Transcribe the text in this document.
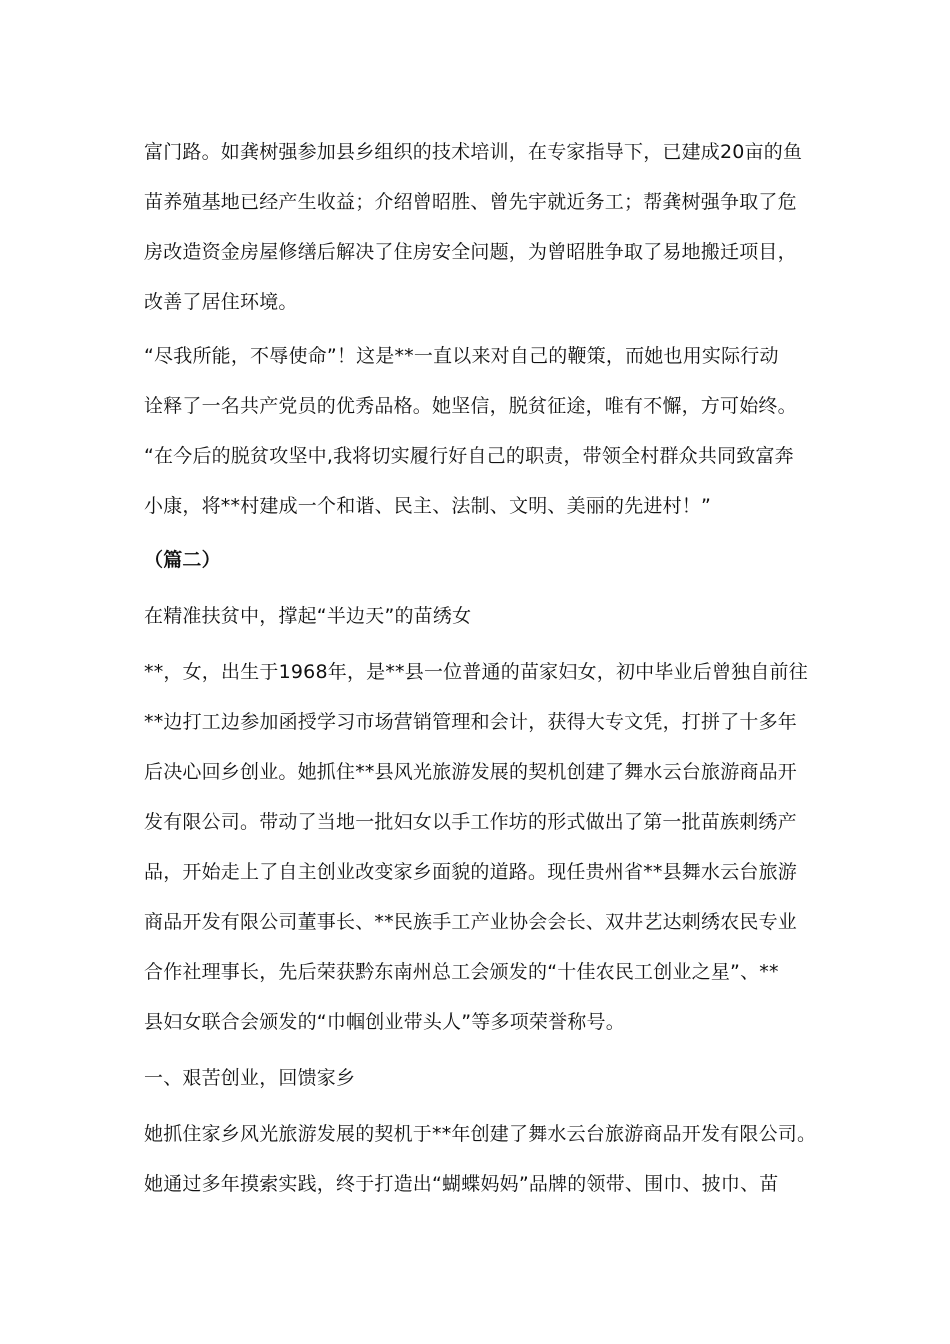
富门路。如龚树强参加县乡组织的技术培训，在专家指导下，已建成20亩的鱼
苗养殖基地已经产生收益；介绍曾昭胜、曾先宇就近务工；帮龚树强争取了危
房改造资金房屋修缮后解决了住房安全问题，为曾昭胜争取了易地搬迁项目，
改善了居住环境。
“尽我所能，不辱使命”！这是**一直以来对自己的鞭策，而她也用实际行动
诠释了一名共产党员的优秀品格。她坚信，脱贫征途，唯有不懈，方可始终。
“在今后的脱贫攻坚中,我将切实履行好自己的职责，带领全村群众共同致富奔
小康，将**村建成一个和谐、民主、法制、文明、美丽的先进村！”
（篇二）
在精准扶贫中，撑起“半边天”的苗绣女
**，女，出生于1968年，是**县一位普通的苗家妇女，初中毕业后曾独自前往
**边打工边参加函授学习市场营销管理和会计，获得大专文凭，打拼了十多年
后决心回乡创业。她抓住**县风光旅游发展的契机创建了舞水云台旅游商品开
发有限公司。带动了当地一批妇女以手工作坊的形式做出了第一批苗族刺绣产
品，开始走上了自主创业改变家乡面貌的道路。现任贵州省**县舞水云台旅游
商品开发有限公司董事长、**民族手工产业协会会长、双井艺达刺绣农民专业
合作社理事长，先后荣获黔东南州总工会颁发的“十佳农民工创业之星”、**
县妇女联合会颁发的“巾帼创业带头人”等多项荣誉称号。
一、艰苦创业，回馈家乡
她抓住家乡风光旅游发展的契机于**年创建了舞水云台旅游商品开发有限公司。
她通过多年摸索实践，终于打造出“蝴蝶妈妈”品牌的领带、围巾、披巾、苗
